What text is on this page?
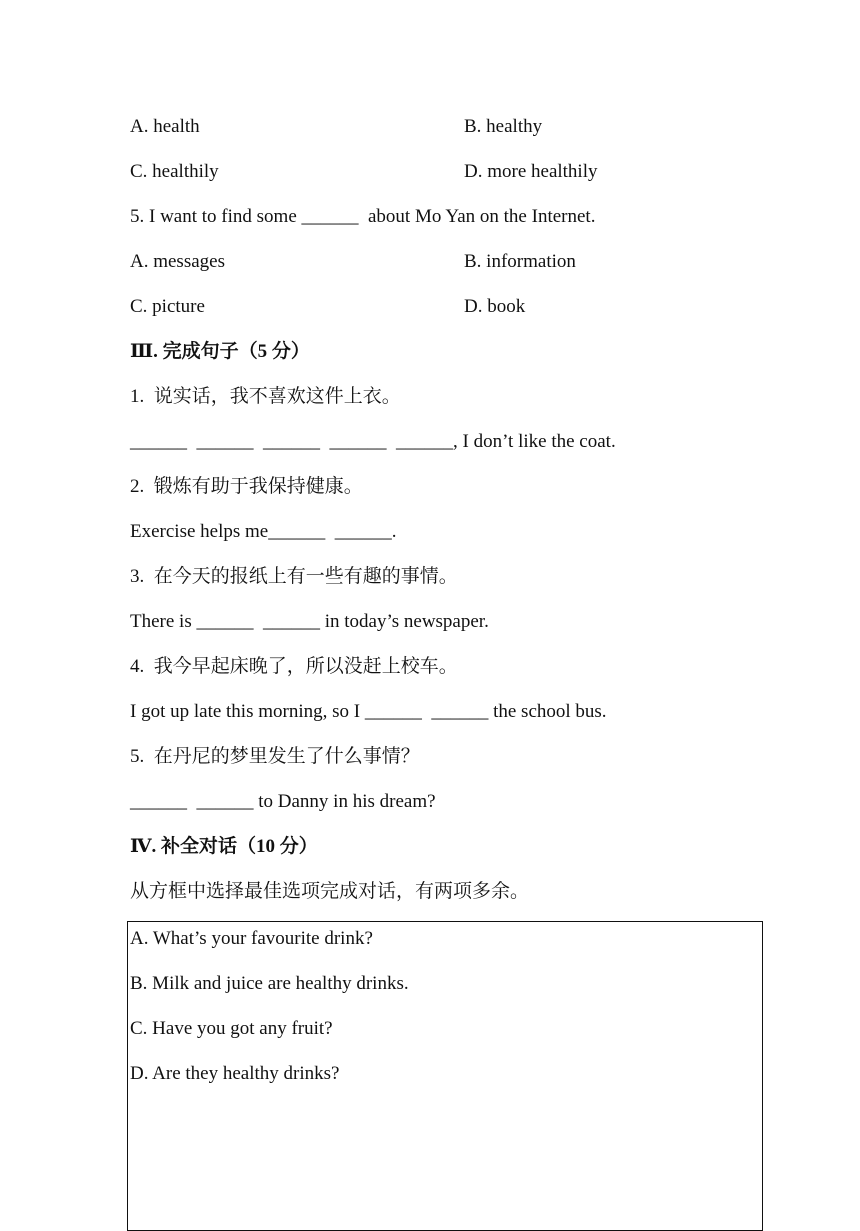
A. health	B. healthy
C. healthily	D. more healthily
5. I want to find some ______  about Mo Yan on the Internet.
A. messages	B. information
C. picture	D. book
Ⅲ. 完成句子（5 分）
1.  说实话，我不喜欢这件上衣。
______  ______  ______  ______  ______, I don’t like the coat.
2.  锻炼有助于我保持健康。
Exercise helps me______  ______.
3.  在今天的报纸上有一些有趣的事情。
There is ______  ______ in today’s newspaper.
4.  我今早起床晚了，所以没赶上校车。
I got up late this morning, so I ______  ______ the school bus.
5.  在丹尼的梦里发生了什么事情？
______  ______ to Danny in his dream?
Ⅳ. 补全对话（10 分）
从方框中选择最佳选项完成对话，有两项多余。
A. What’s your favourite drink?
B. Milk and juice are healthy drinks.
C. Have you got any fruit?
D. Are they healthy drinks?
